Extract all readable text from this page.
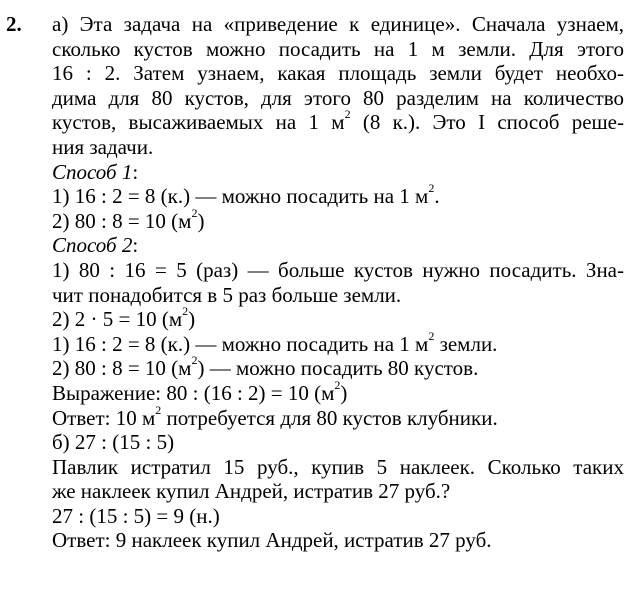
2. а) Эта задача на «приведение к единице». Сначала узнаем,
сколько кустов можно посадить на 1 м земли. Для этого
16 : 2. Затем узнаем, какая площадь земли будет необхо-
дима для 80 кустов, для этого 80 разделим на количество
кустов, высаживаемых на 1 $м^2$ (8 к.). Это I способ реше-
ния задачи.
Способ 1:
1) 16 : 2 = 8 (к.) — можно посадить на 1 $м^2$.
2) 80 : 8 = 10 $(м^2)$
Способ 2:
1) 80 : 16 = 5 (раз) — больше кустов нужно посадить. Зна-
чит понадобится в 5 раз больше земли.
2) 2 · 5 = 10 $(м^2)$
1) 16 : 2 = 8 (к.) — можно посадить на 1 $м^2$ земли.
2) 80 : 8 = 10 $(м^2)$ — можно посадить 80 кустов.
Выражение: 80 : (16 : 2) = 10 $(м^2)$
Ответ: 10 $м^2$ потребуется для 80 кустов клубники.
б) 27 : (15 : 5)
Павлик истратил 15 руб., купив 5 наклеек. Сколько таких
же наклеек купил Андрей, истратив 27 руб.?
27 : (15 : 5) = 9 (н.)
Ответ: 9 наклеек купил Андрей, истратив 27 руб.
